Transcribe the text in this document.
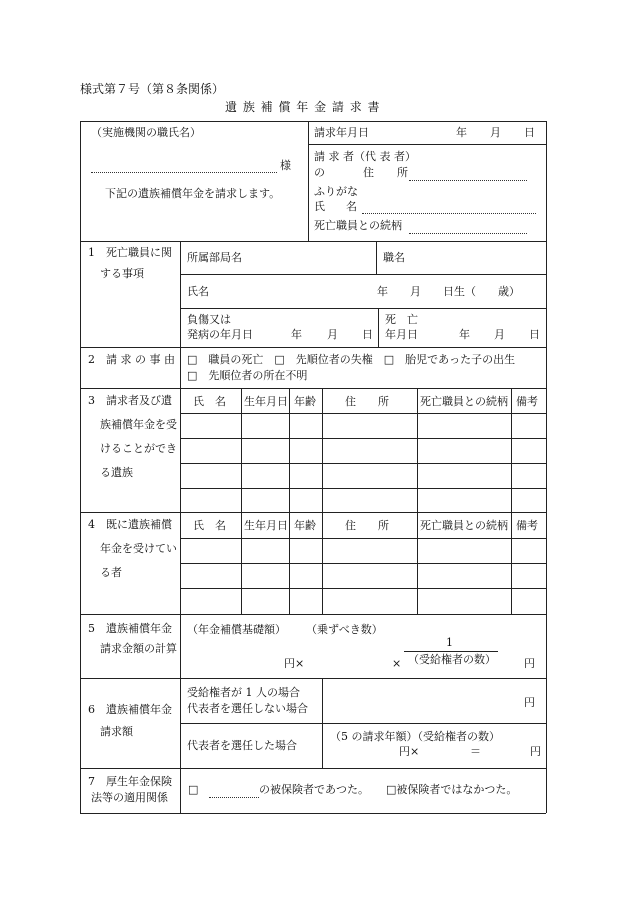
様式第７号（第８条関係）
遺 族 補 償 年 金 請 求 書
（実施機関の職氏名）
様
下記の遺族補償年金を請求します。
請求年月日	年 月 日
請 求 者（代 表 者）
の	住 所
ふりがな
氏 名
死亡職員との続柄
1　死亡職員に関
する事項
所属部局名	職名
氏名	年 月 日生（ 歳）
負傷又は
発病の年月日	年 月 日
死　亡
年月日	年 月 日
2　請 求 の 事 由 □　職員の死亡　□　先順位者の失権　□　胎児であった子の出生
□　先順位者の所在不明
3　請求者及び遺
族補償年金を受
けることができ
る遺族
氏　名 生年月日 年齢	住　　所	死亡職員との続柄 備考
4　既に遺族補償
年金を受けてい
る者
氏　名 生年月日 年齢	住　　所	死亡職員との続柄 備考
5　遺族補償年金
請求金額の計算
（年金補償基礎額） （乗ずべき数）
1
（受給権者の数）
円×	×	円
6　遺族補償年金
請求額
受給権者が 1 人の場合
代表者を選任しない場合	円
代表者を選任した場合
（5 の請求年額）（受給権者の数）
円×	＝	円
7　厚生年金保険
法等の適用関係
□	の被保険者であつた。 □被保険者ではなかつた。
